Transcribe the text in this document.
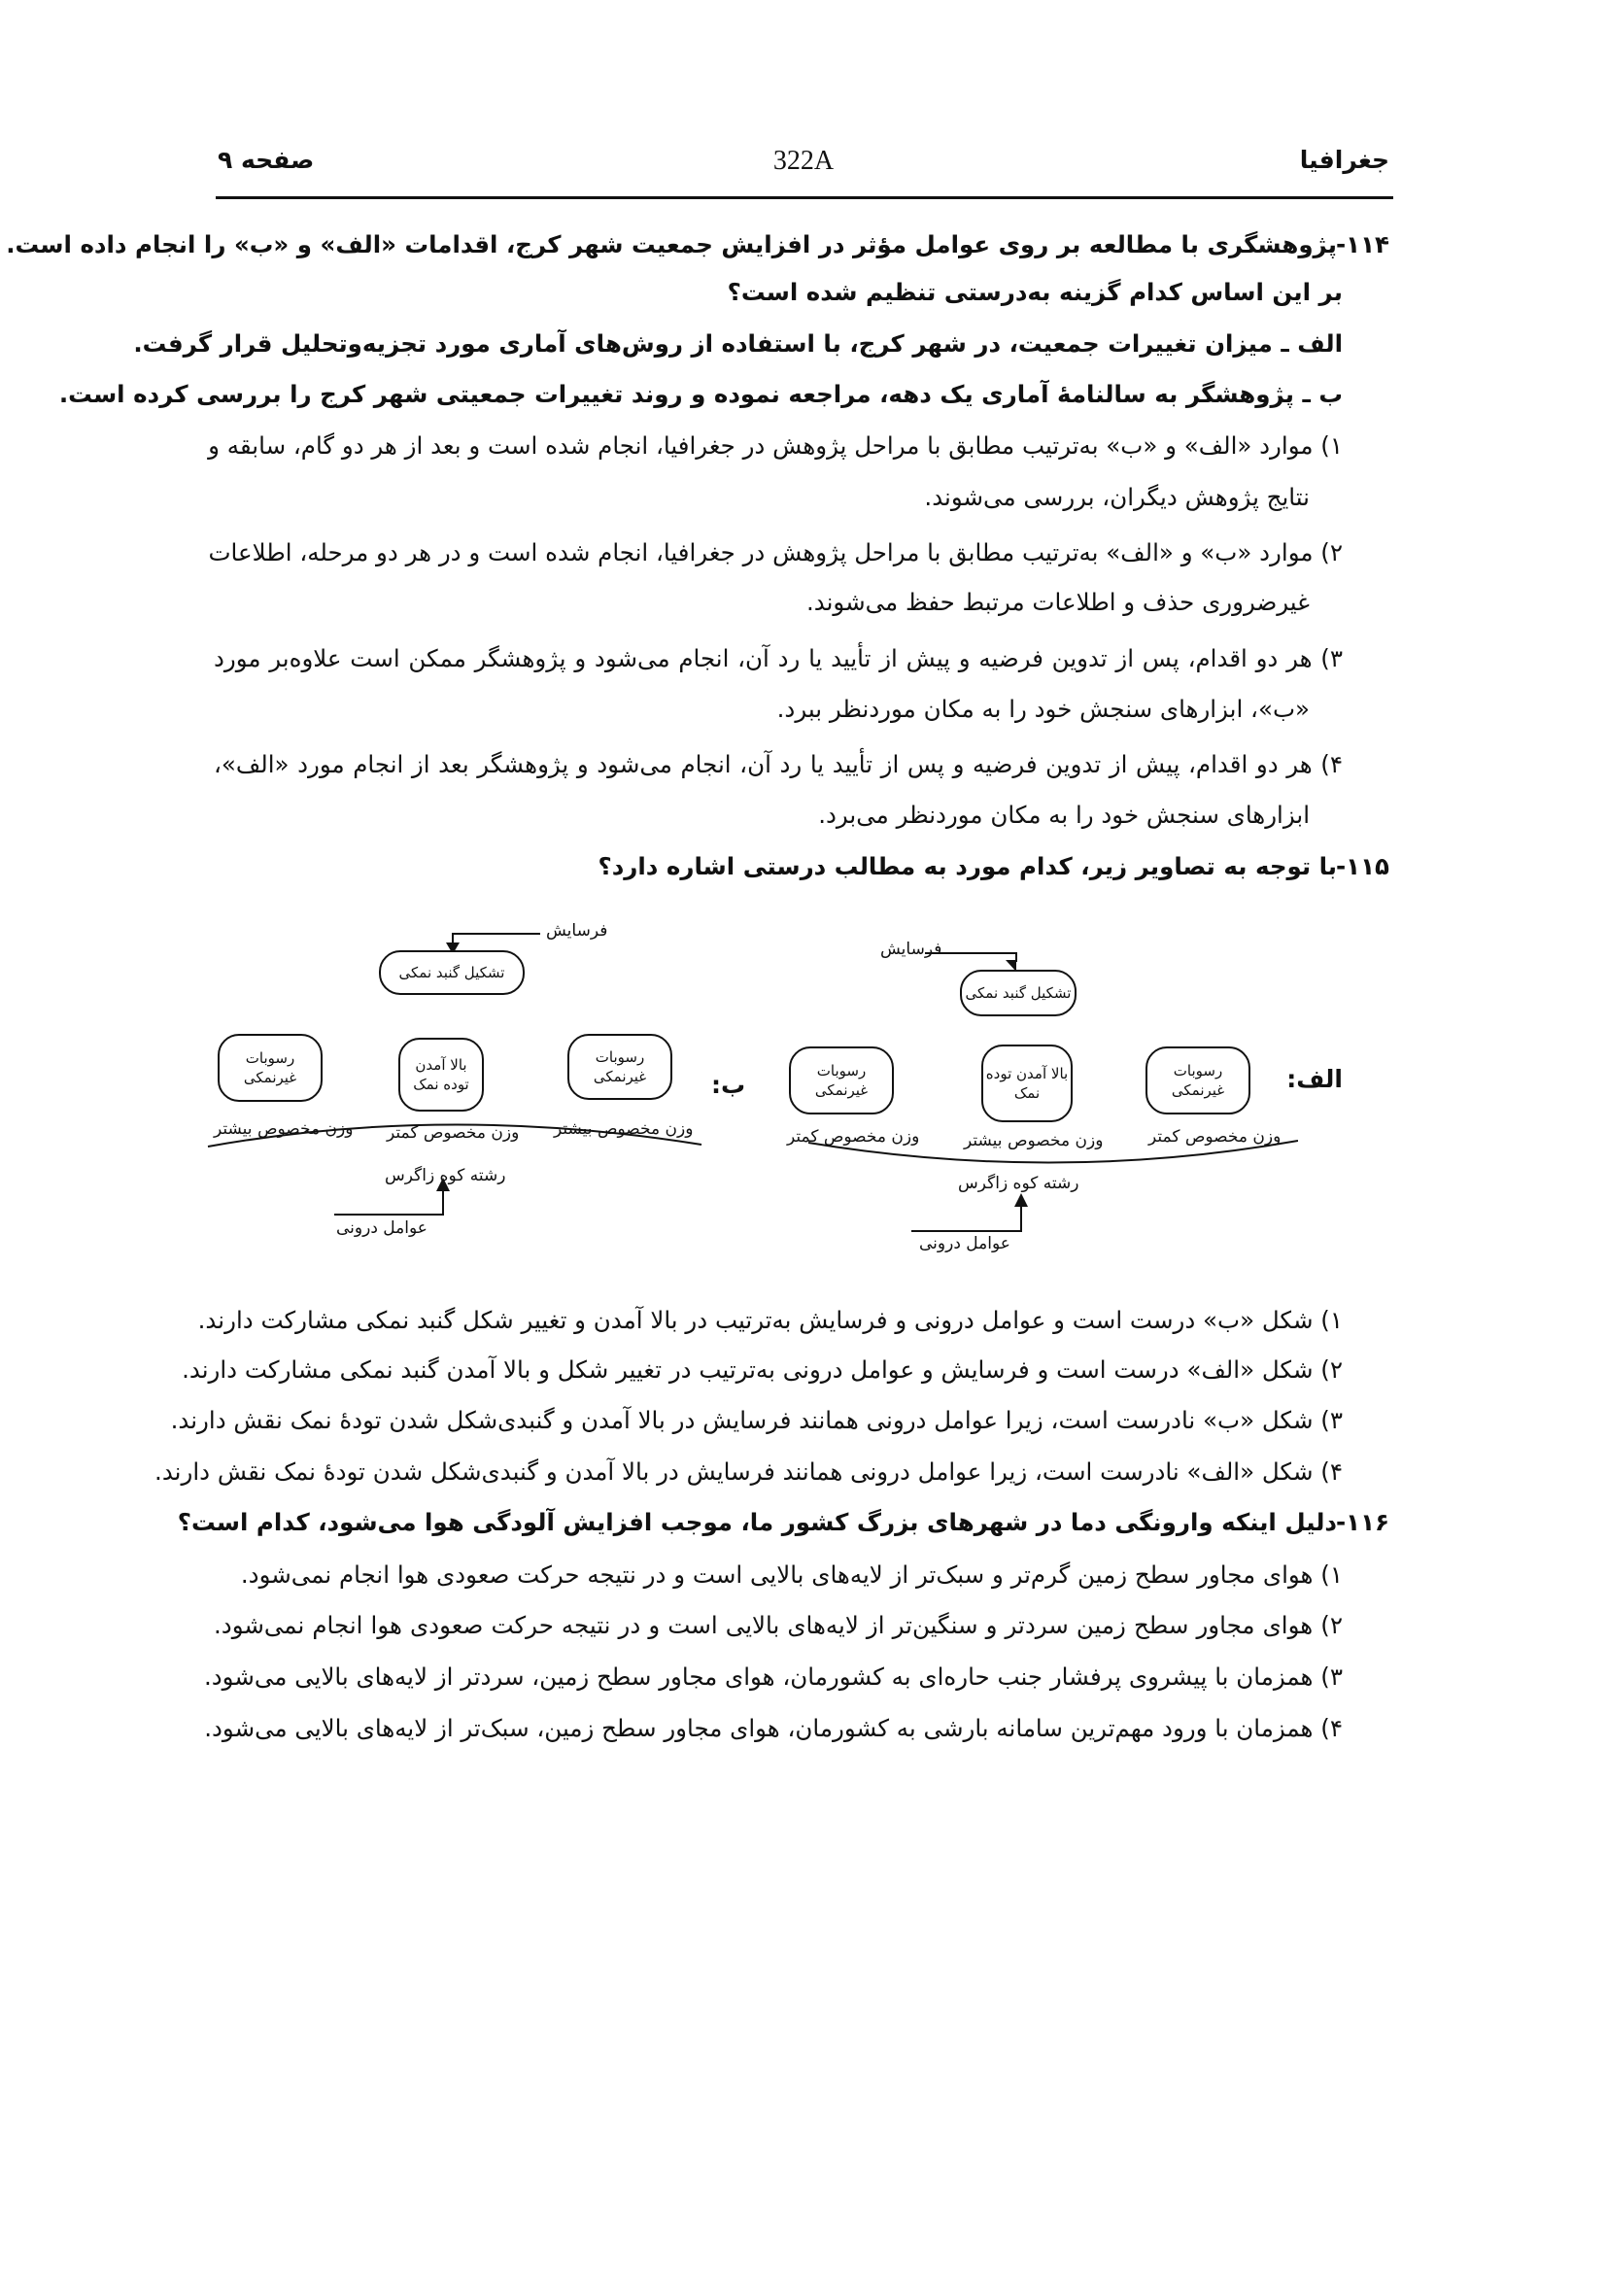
جغرافیا
322A
صفحه ۹
۱۱۴-
پژوهشگری با مطالعه بر روی عوامل مؤثر در افزایش جمعیت شهر کرج، اقدامات «الف» و «ب» را انجام داده است.
بر این اساس کدام گزینه به‌درستی تنظیم شده است؟
الف ـ میزان تغییرات جمعیت، در شهر کرج، با استفاده از روش‌های آماری مورد تجزیه‌وتحلیل قرار گرفت.
ب ـ پژوهشگر به سالنامهٔ آماری یک دهه، مراجعه نموده و روند تغییرات جمعیتی شهر کرج را بررسی کرده است.
۱) موارد «الف» و «ب» به‌ترتیب مطابق با مراحل پژوهش در جغرافیا، انجام شده است و بعد از هر دو گام، سابقه و
نتایج پژوهش دیگران، بررسی می‌شوند.
۲) موارد «ب» و «الف» به‌ترتیب مطابق با مراحل پژوهش در جغرافیا، انجام شده است و در هر دو مرحله، اطلاعات
غیرضروری حذف و اطلاعات مرتبط حفظ می‌شوند.
۳) هر دو اقدام، پس از تدوین فرضیه و پیش از تأیید یا رد آن، انجام می‌شود و پژوهشگر ممکن است علاوه‌بر مورد
«ب»، ابزارهای سنجش خود را به مکان موردنظر ببرد.
۴) هر دو اقدام، پیش از تدوین فرضیه و پس از تأیید یا رد آن، انجام می‌شود و پژوهشگر بعد از انجام مورد «الف»،
ابزارهای سنجش خود را به مکان موردنظر می‌برد.
۱۱۵-
با توجه به تصاویر زیر، کدام مورد به مطالب درستی اشاره دارد؟
فرسایش
تشکیل گنبد نمکی
رسوبات غیرنمکی
بالا آمدن توده نمک
رسوبات غیرنمکی
وزن مخصوص کمتر	وزن مخصوص بیشتر	وزن مخصوص کمتر
رشته کوه زاگرس
عوامل درونی
الف:
فرسایش
تشکیل گنبد نمکی
رسوبات غیرنمکی
بالا آمدن توده نمک
رسوبات غیرنمکی
وزن مخصوص بیشتر وزن مخصوص کمتر وزن مخصوص بیشتر
رشته کوه زاگرس
عوامل درونی
ب:
۱) شکل «ب» درست است و عوامل درونی و فرسایش به‌ترتیب در بالا آمدن و تغییر شکل گنبد نمکی مشارکت دارند.
۲) شکل «الف» درست است و فرسایش و عوامل درونی به‌ترتیب در تغییر شکل و بالا آمدن گنبد نمکی مشارکت دارند.
۳) شکل «ب» نادرست است، زیرا عوامل درونی همانند فرسایش در بالا آمدن و گنبدی‌شکل شدن تودهٔ نمک نقش دارند.
۴) شکل «الف» نادرست است، زیرا عوامل درونی همانند فرسایش در بالا آمدن و گنبدی‌شکل شدن تودهٔ نمک نقش دارند.
۱۱۶-
دلیل اینکه وارونگی دما در شهرهای بزرگ کشور ما، موجب افزایش آلودگی هوا می‌شود، کدام است؟
۱) هوای مجاور سطح زمین گرم‌تر و سبک‌تر از لایه‌های بالایی است و در نتیجه حرکت صعودی هوا انجام نمی‌شود.
۲) هوای مجاور سطح زمین سردتر و سنگین‌تر از لایه‌های بالایی است و در نتیجه حرکت صعودی هوا انجام نمی‌شود.
۳) همزمان با پیشروی پرفشار جنب حاره‌ای به کشورمان، هوای مجاور سطح زمین، سردتر از لایه‌های بالایی می‌شود.
۴) همزمان با ورود مهم‌ترین سامانه بارشی به کشورمان، هوای مجاور سطح زمین، سبک‌تر از لایه‌های بالایی می‌شود.
